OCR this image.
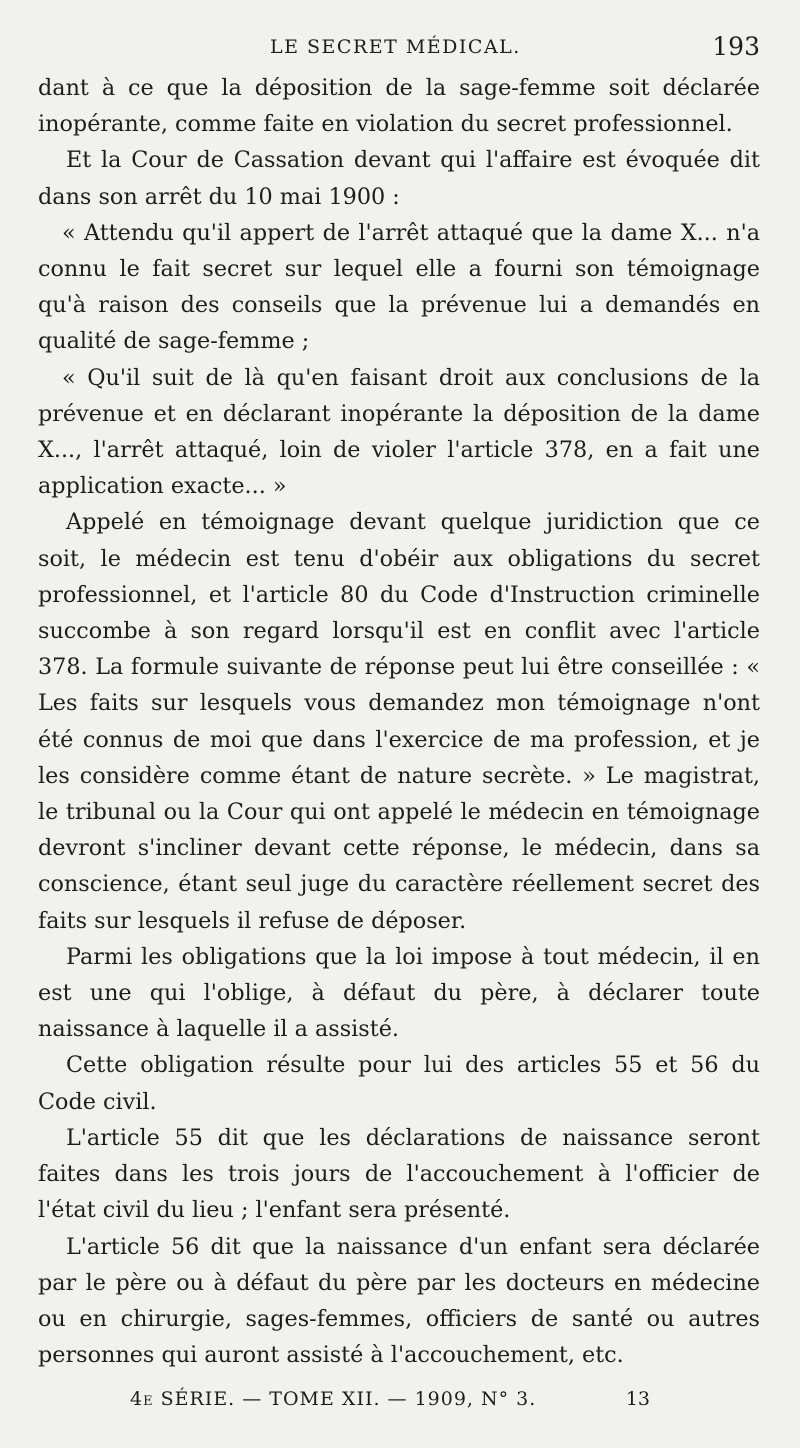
LE SECRET MÉDICAL.	193

dant à ce que la déposition de la sage-femme soit déclarée inopérante, comme faite en violation du secret professionnel.

Et la Cour de Cassation devant qui l'affaire est évoquée dit dans son arrêt du 10 mai 1900 :

« Attendu qu'il appert de l'arrêt attaqué que la dame X... n'a connu le fait secret sur lequel elle a fourni son témoignage qu'à raison des conseils que la prévenue lui a demandés en qualité de sage-femme ;

« Qu'il suit de là qu'en faisant droit aux conclusions de la prévenue et en déclarant inopérante la déposition de la dame X..., l'arrêt attaqué, loin de violer l'article 378, en a fait une application exacte... »

Appelé en témoignage devant quelque juridiction que ce soit, le médecin est tenu d'obéir aux obligations du secret professionnel, et l'article 80 du Code d'Instruction criminelle succombe à son regard lorsqu'il est en conflit avec l'article 378. La formule suivante de réponse peut lui être conseillée : « Les faits sur lesquels vous demandez mon témoignage n'ont été connus de moi que dans l'exercice de ma profession, et je les considère comme étant de nature secrète. » Le magistrat, le tribunal ou la Cour qui ont appelé le médecin en témoignage devront s'incliner devant cette réponse, le médecin, dans sa conscience, étant seul juge du caractère réellement secret des faits sur lesquels il refuse de déposer.

Parmi les obligations que la loi impose à tout médecin, il en est une qui l'oblige, à défaut du père, à déclarer toute naissance à laquelle il a assisté.

Cette obligation résulte pour lui des articles 55 et 56 du Code civil.

L'article 55 dit que les déclarations de naissance seront faites dans les trois jours de l'accouchement à l'officier de l'état civil du lieu ; l'enfant sera présenté.

L'article 56 dit que la naissance d'un enfant sera déclarée par le père ou à défaut du père par les docteurs en médecine ou en chirurgie, sages-femmes, officiers de santé ou autres personnes qui auront assisté à l'accouchement, etc.

4e SÉRIE. — TOME XII. — 1909, N° 3.	13
